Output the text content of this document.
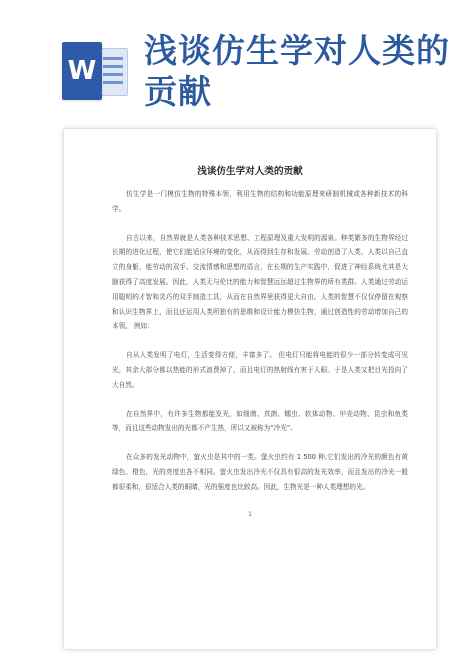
W
浅谈仿生学对人类的贡献
浅谈仿生学对人类的贡献

仿生学是一门模仿生物的特殊本领，利用生物的结构和功能原理来研制机械或各种新技术的科学。

自古以来，自然界就是人类各种技术思想、工程原理及重大发明的源泉。种类繁多的生物界经过长期的进化过程，使它们能适应环境的变化，从而得到生存和发展。劳动创造了人类，人类以自己直立的身躯、能劳动的双手、交流情感和思想的语言，在长期的生产实践中，促进了神经系统尤其是大脑获得了高度发展。因此，人类无与伦比的能力和智慧远远超过生物界的所有类群。人类通过劳动运用聪明的才智和灵巧的双手制造工具，从而在自然界里获得更大自由。人类的智慧不仅仅停留在观察和认识生物界上，而且还运用人类所独有的思维和设计能力模仿生物，通过创造性的劳动增加自己的本领。 例如：

自从人类发明了电灯，生活变得方便，丰富多了。 但电灯只能将电能的很少一部分转变成可见光，其余大部分都以热能的形式浪费掉了，而且电灯的热射线有害于人眼。于是人类又把目光投向了大自然。

在自然界中，有许多生物都能发光，如细菌、真菌、蠕虫、软体动物、甲壳动物、昆虫和鱼类等，而且这些动物发出的光都不产生热，所以又被称为“冷光”。

在众多的发光动物中，萤火虫是其中的一类。萤火虫约有 1 500 种,它们发出的冷光的颜色有黄绿色、橙色，光的亮度也各不相同。萤火虫发出冷光不仅具有很高的发光效率，而且发出的冷光一般都很柔和，很适合人类的眼睛，光的强度也比较高。因此，生物光是一种人类理想的光。

1
